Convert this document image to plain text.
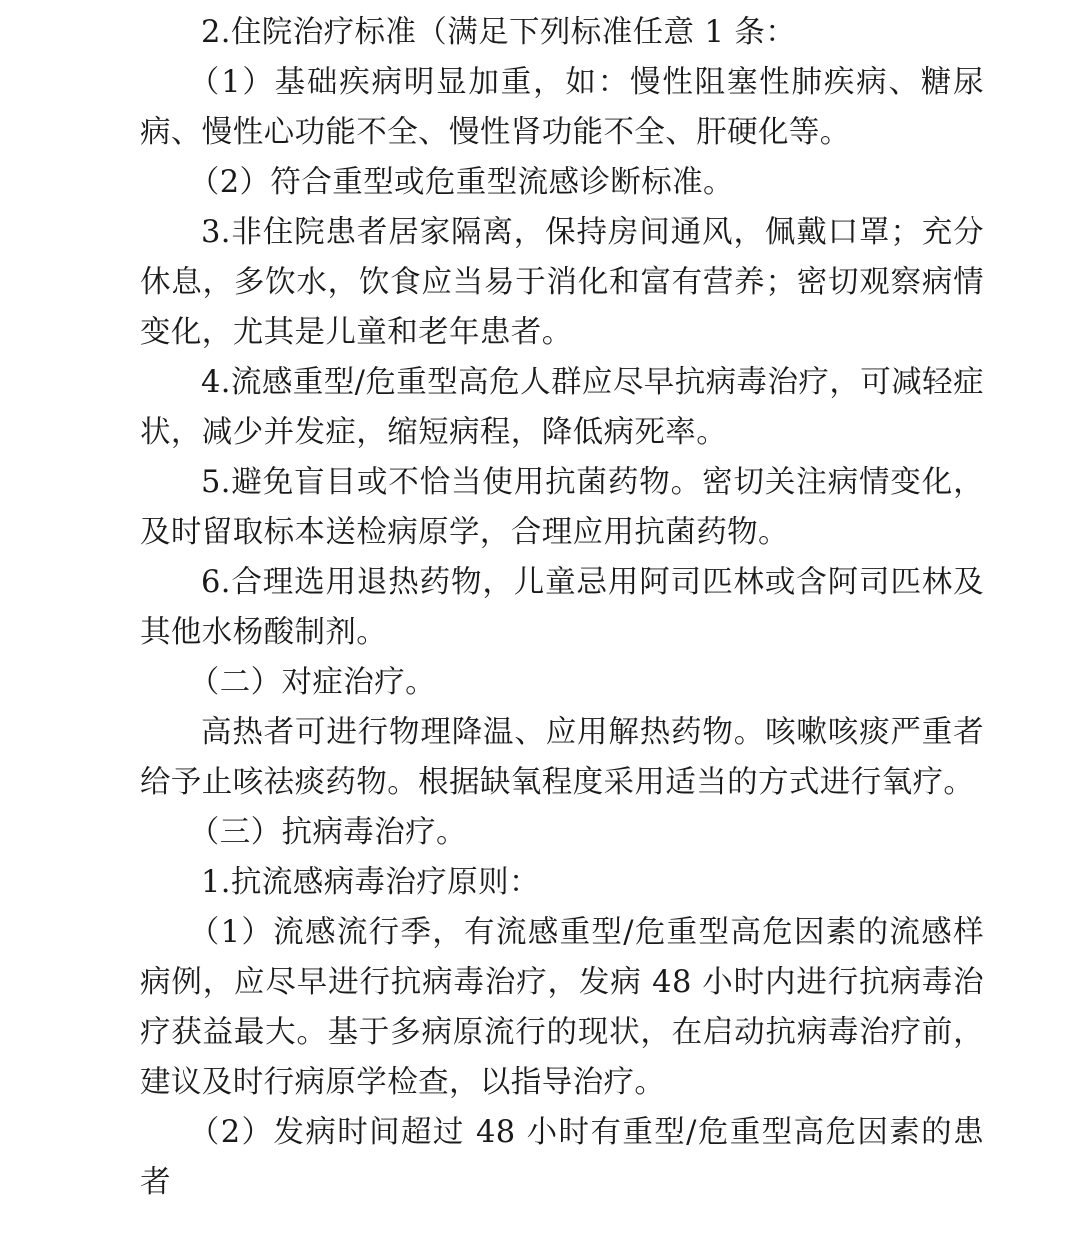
2.住院治疗标准（满足下列标准任意 1 条：

（1）基础疾病明显加重，如：慢性阻塞性肺疾病、糖尿病、慢性心功能不全、慢性肾功能不全、肝硬化等。

（2）符合重型或危重型流感诊断标准。

3.非住院患者居家隔离，保持房间通风，佩戴口罩；充分休息，多饮水，饮食应当易于消化和富有营养；密切观察病情变化，尤其是儿童和老年患者。

4.流感重型/危重型高危人群应尽早抗病毒治疗，可减轻症状，减少并发症，缩短病程，降低病死率。

5.避免盲目或不恰当使用抗菌药物。密切关注病情变化，及时留取标本送检病原学，合理应用抗菌药物。

6.合理选用退热药物，儿童忌用阿司匹林或含阿司匹林及其他水杨酸制剂。

（二）对症治疗。

高热者可进行物理降温、应用解热药物。咳嗽咳痰严重者给予止咳祛痰药物。根据缺氧程度采用适当的方式进行氧疗。

（三）抗病毒治疗。

1.抗流感病毒治疗原则：

（1）流感流行季，有流感重型/危重型高危因素的流感样病例，应尽早进行抗病毒治疗，发病 48 小时内进行抗病毒治疗获益最大。基于多病原流行的现状，在启动抗病毒治疗前，建议及时行病原学检查，以指导治疗。

（2）发病时间超过 48 小时有重型/危重型高危因素的患者
